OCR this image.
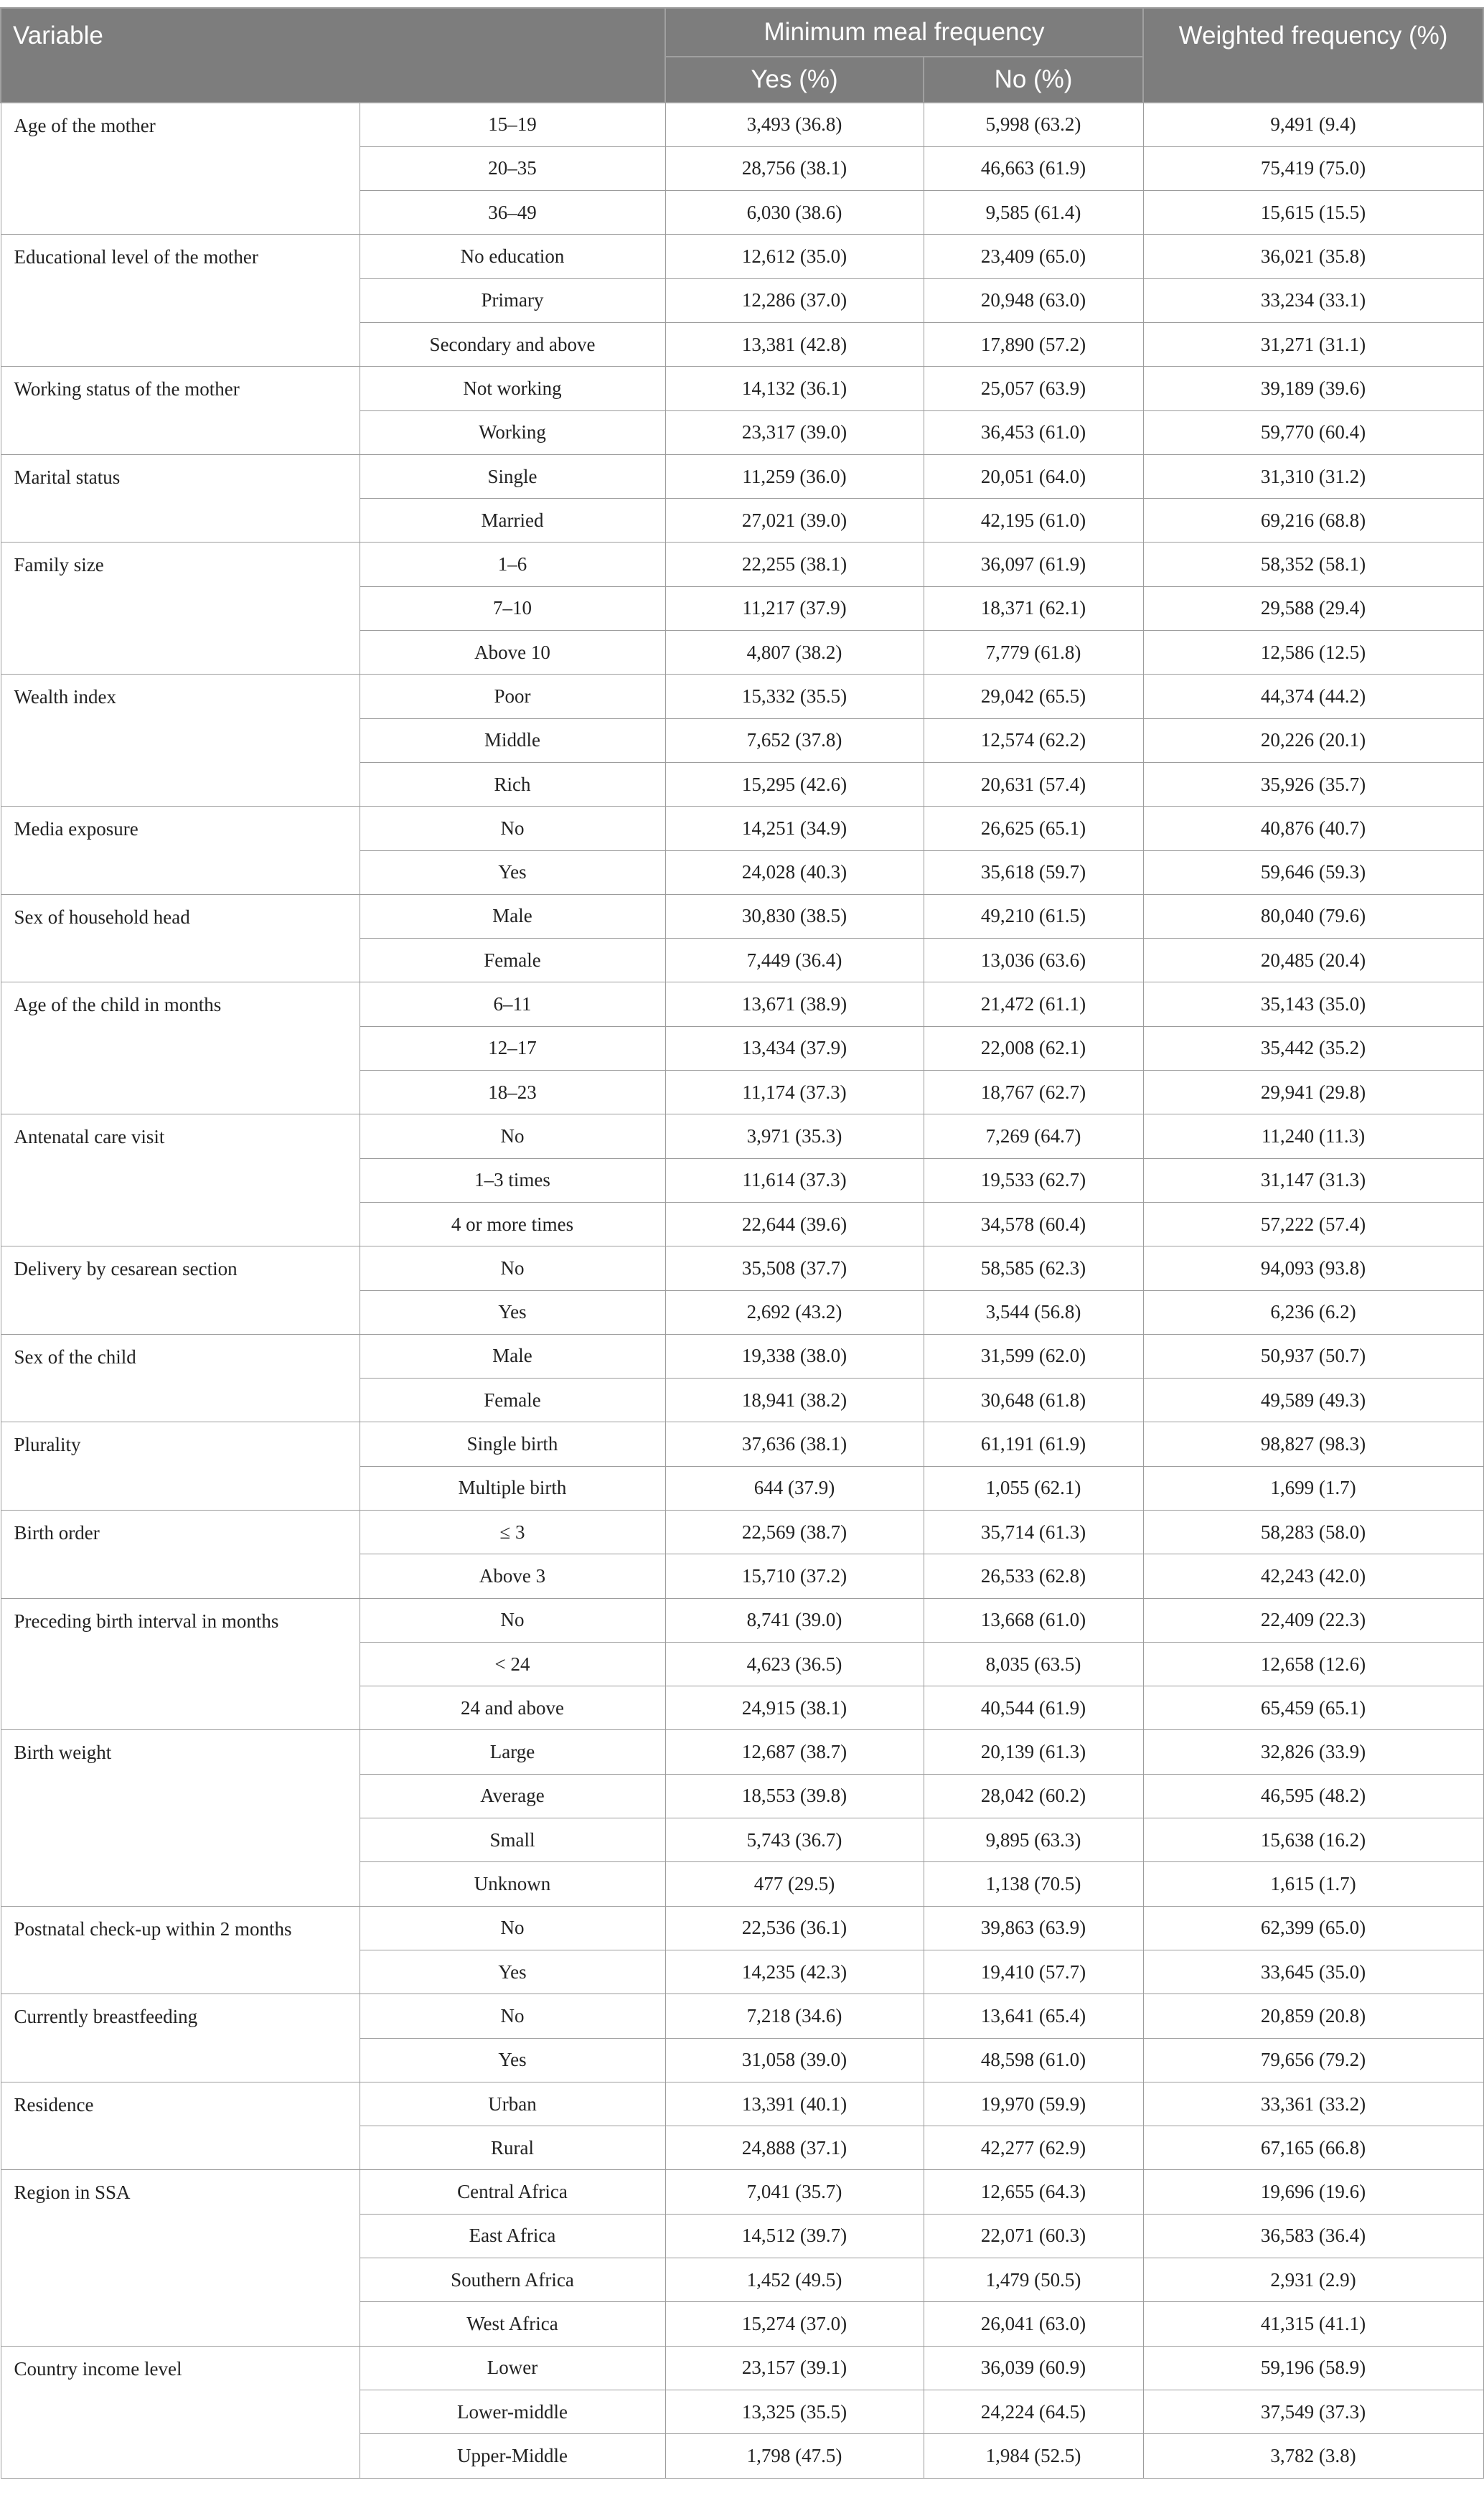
Variable		Minimum meal frequency		Weighted frequency (%)
		Yes (%)	No (%)	
Age of the mother	15–19	3,493 (36.8)	5,998 (63.2)	9,491 (9.4)
	20–35	28,756 (38.1)	46,663 (61.9)	75,419 (75.0)
	36–49	6,030 (38.6)	9,585 (61.4)	15,615 (15.5)
Educational level of the mother	No education	12,612 (35.0)	23,409 (65.0)	36,021 (35.8)
	Primary	12,286 (37.0)	20,948 (63.0)	33,234 (33.1)
	Secondary and above	13,381 (42.8)	17,890 (57.2)	31,271 (31.1)
Working status of the mother	Not working	14,132 (36.1)	25,057 (63.9)	39,189 (39.6)
	Working	23,317 (39.0)	36,453 (61.0)	59,770 (60.4)
Marital status	Single	11,259 (36.0)	20,051 (64.0)	31,310 (31.2)
	Married	27,021 (39.0)	42,195 (61.0)	69,216 (68.8)
Family size	1–6	22,255 (38.1)	36,097 (61.9)	58,352 (58.1)
	7–10	11,217 (37.9)	18,371 (62.1)	29,588 (29.4)
	Above 10	4,807 (38.2)	7,779 (61.8)	12,586 (12.5)
Wealth index	Poor	15,332 (35.5)	29,042 (65.5)	44,374 (44.2)
	Middle	7,652 (37.8)	12,574 (62.2)	20,226 (20.1)
	Rich	15,295 (42.6)	20,631 (57.4)	35,926 (35.7)
Media exposure	No	14,251 (34.9)	26,625 (65.1)	40,876 (40.7)
	Yes	24,028 (40.3)	35,618 (59.7)	59,646 (59.3)
Sex of household head	Male	30,830 (38.5)	49,210 (61.5)	80,040 (79.6)
	Female	7,449 (36.4)	13,036 (63.6)	20,485 (20.4)
Age of the child in months	6–11	13,671 (38.9)	21,472 (61.1)	35,143 (35.0)
	12–17	13,434 (37.9)	22,008 (62.1)	35,442 (35.2)
	18–23	11,174 (37.3)	18,767 (62.7)	29,941 (29.8)
Antenatal care visit	No	3,971 (35.3)	7,269 (64.7)	11,240 (11.3)
	1–3 times	11,614 (37.3)	19,533 (62.7)	31,147 (31.3)
	4 or more times	22,644 (39.6)	34,578 (60.4)	57,222 (57.4)
Delivery by cesarean section	No	35,508 (37.7)	58,585 (62.3)	94,093 (93.8)
	Yes	2,692 (43.2)	3,544 (56.8)	6,236 (6.2)
Sex of the child	Male	19,338 (38.0)	31,599 (62.0)	50,937 (50.7)
	Female	18,941 (38.2)	30,648 (61.8)	49,589 (49.3)
Plurality	Single birth	37,636 (38.1)	61,191 (61.9)	98,827 (98.3)
	Multiple birth	644 (37.9)	1,055 (62.1)	1,699 (1.7)
Birth order	≤ 3	22,569 (38.7)	35,714 (61.3)	58,283 (58.0)
	Above 3	15,710 (37.2)	26,533 (62.8)	42,243 (42.0)
Preceding birth interval in months	No	8,741 (39.0)	13,668 (61.0)	22,409 (22.3)
	< 24	4,623 (36.5)	8,035 (63.5)	12,658 (12.6)
	24 and above	24,915 (38.1)	40,544 (61.9)	65,459 (65.1)
Birth weight	Large	12,687 (38.7)	20,139 (61.3)	32,826 (33.9)
	Average	18,553 (39.8)	28,042 (60.2)	46,595 (48.2)
	Small	5,743 (36.7)	9,895 (63.3)	15,638 (16.2)
	Unknown	477 (29.5)	1,138 (70.5)	1,615 (1.7)
Postnatal check-up within 2 months	No	22,536 (36.1)	39,863 (63.9)	62,399 (65.0)
	Yes	14,235 (42.3)	19,410 (57.7)	33,645 (35.0)
Currently breastfeeding	No	7,218 (34.6)	13,641 (65.4)	20,859 (20.8)
	Yes	31,058 (39.0)	48,598 (61.0)	79,656 (79.2)
Residence	Urban	13,391 (40.1)	19,970 (59.9)	33,361 (33.2)
	Rural	24,888 (37.1)	42,277 (62.9)	67,165 (66.8)
Region in SSA	Central Africa	7,041 (35.7)	12,655 (64.3)	19,696 (19.6)
	East Africa	14,512 (39.7)	22,071 (60.3)	36,583 (36.4)
	Southern Africa	1,452 (49.5)	1,479 (50.5)	2,931 (2.9)
	West Africa	15,274 (37.0)	26,041 (63.0)	41,315 (41.1)
Country income level	Lower	23,157 (39.1)	36,039 (60.9)	59,196 (58.9)
	Lower-middle	13,325 (35.5)	24,224 (64.5)	37,549 (37.3)
	Upper-Middle	1,798 (47.5)	1,984 (52.5)	3,782 (3.8)
